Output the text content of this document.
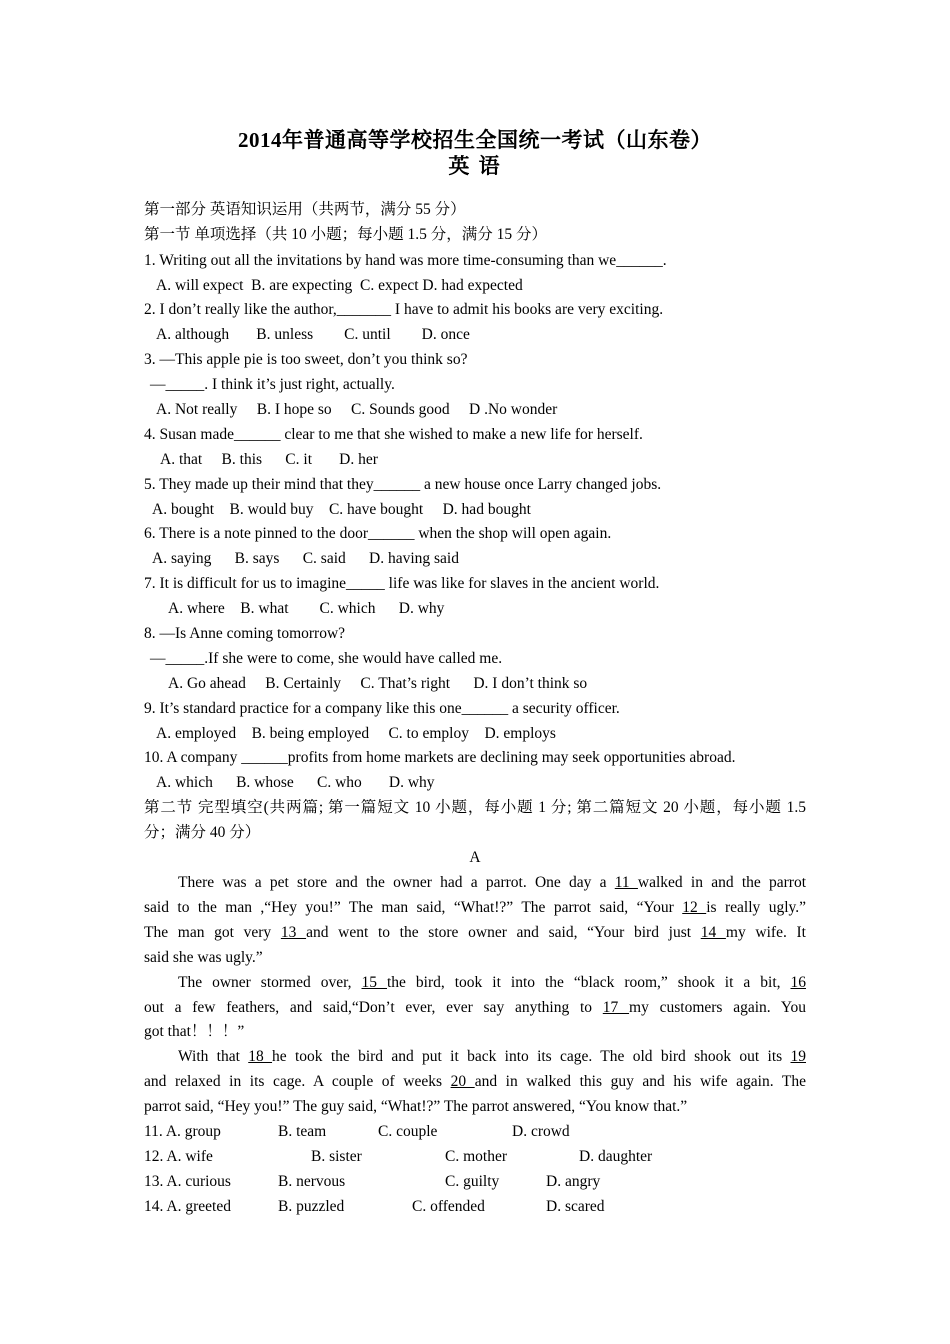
2014年普通高等学校招生全国统一考试（山东卷）
英 语
第一部分 英语知识运用（共两节，满分 55 分）
第一节 单项选择（共 10 小题；每小题 1.5 分，满分 15 分）
1. Writing out all the invitations by hand was more time-consuming than we______.
A. will expect  B. are expecting  C. expect D. had expected
2. I don’t really like the author,_______ I have to admit his books are very exciting.
A. although       B. unless        C. until        D. once
3. —This apple pie is too sweet, don’t you think so?
—_____. I think it’s just right, actually.
A. Not really     B. I hope so     C. Sounds good     D .No wonder
4. Susan made______ clear to me that she wished to make a new life for herself.
A. that     B. this      C. it       D. her
5. They made up their mind that they______ a new house once Larry changed jobs.
A. bought    B. would buy    C. have bought     D. had bought
6. There is a note pinned to the door______ when the shop will open again.
A. saying      B. says      C. said      D. having said
7. It is difficult for us to imagine_____ life was like for slaves in the ancient world.
A. where    B. what        C. which      D. why
8. —Is Anne coming tomorrow?
—_____.If she were to come, she would have called me.
A. Go ahead     B. Certainly     C. That’s right      D. I don’t think so
9. It’s standard practice for a company like this one______ a security officer.
A. employed    B. being employed     C. to employ    D. employs
10. A company ______profits from home markets are declining may seek opportunities abroad.
A. which      B. whose      C. who       D. why
第二节 完型填空(共两篇; 第一篇短文 10 小题，每小题 1 分; 第二篇短文 20 小题，每小题 1.5
分；满分 40 分）
A
There was a pet store and the owner had a parrot. One day a 11 walked in and the parrot
said to the man ,“Hey you!” The man said, “What!?” The parrot said, “Your 12 is really ugly.”
The man got very 13 and went to the store owner and said, “Your bird just 14 my wife. It
said she was ugly.”
The owner stormed over, 15 the bird, took it into the “black room,” shook it a bit, 16
out a few feathers, and said,“Don’t ever, ever say anything to 17 my customers again. You
got that！！！”
With that 18 he took the bird and put it back into its cage. The old bird shook out its 19
and relaxed in its cage. A couple of weeks 20 and in walked this guy and his wife again. The
parrot said, “Hey you!” The guy said, “What!?” The parrot answered, “You know that.”
11. A. group	B. team	C. couple	D. crowd
12. A. wife	B. sister	C. mother	D. daughter
13. A. curious	B. nervous	C. guilty	D. angry
14. A. greeted	B. puzzled	C. offended	D. scared
